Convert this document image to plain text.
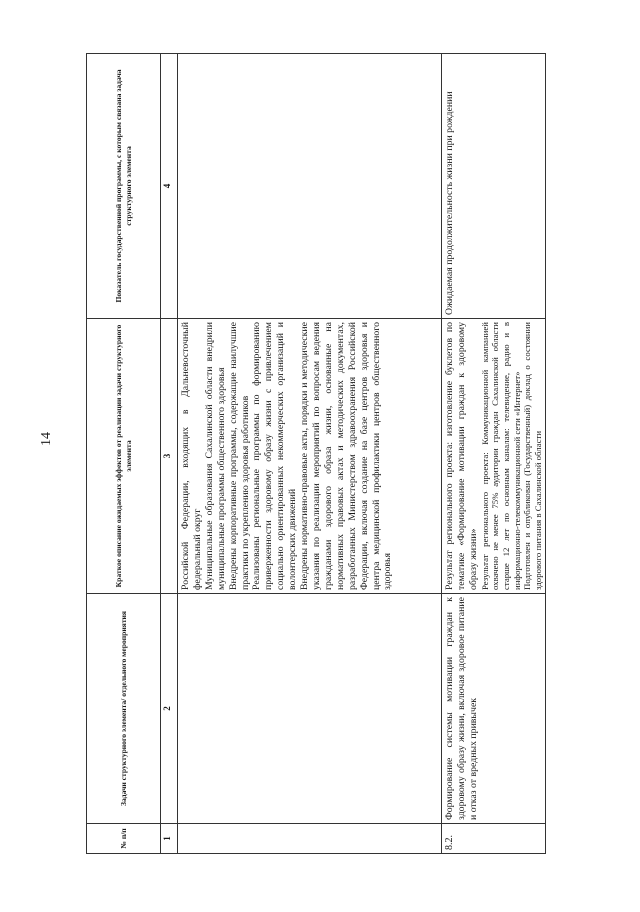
14
№ п/п	Задачи структурного элемента/ отдельного мероприятия	Краткое описание ожидаемых эффектов от реализации задачи структурного элемента	Показатель государственной программы, с которым связана задача структурного элемента
1	2	3	4

		Российской Федерации, входящих в Дальневосточный федеральный округ Муниципальные образования Сахалинской области внедрили муниципальные программы общественного здоровья Внедрены корпоративные программы, содержащие наилучшие практики по укреплению здоровья работников Реализованы региональные программы по формированию приверженности здоровому образу жизни с привлечением социально ориентированных некоммерческих организаций и волонтерских движений Внедрены нормативно-правовые акты, порядки и методические указания по реализации мероприятий по вопросам ведения гражданами здорового образа жизни, основанные на нормативных правовых актах и методических документах, разработанных Министерством здравоохранения Российской Федерации, включая создание на базе центров здоровья и центра медицинской профилактики центров общественного здоровья	

8.2.	Формирование системы мотивации граждан к здоровому образу жизни, включая здоровое питание и отказ от вредных привычек	Результат регионального проекта: изготовление буклетов по тематике «Формирование мотивации граждан к здоровому образу жизни» Результат регионального проекта: Коммуникационной кампанией охвачено не менее 75% аудитории граждан Сахалинской области старше 12 лет по основным каналам: телевидение, радио и в информационно-телекоммуникационной сети «Интернет» Подготовлен и опубликован (Государственный) доклад о состоянии здорового питания в Сахалинской области	Ожидаемая продолжительность жизни при рождении
